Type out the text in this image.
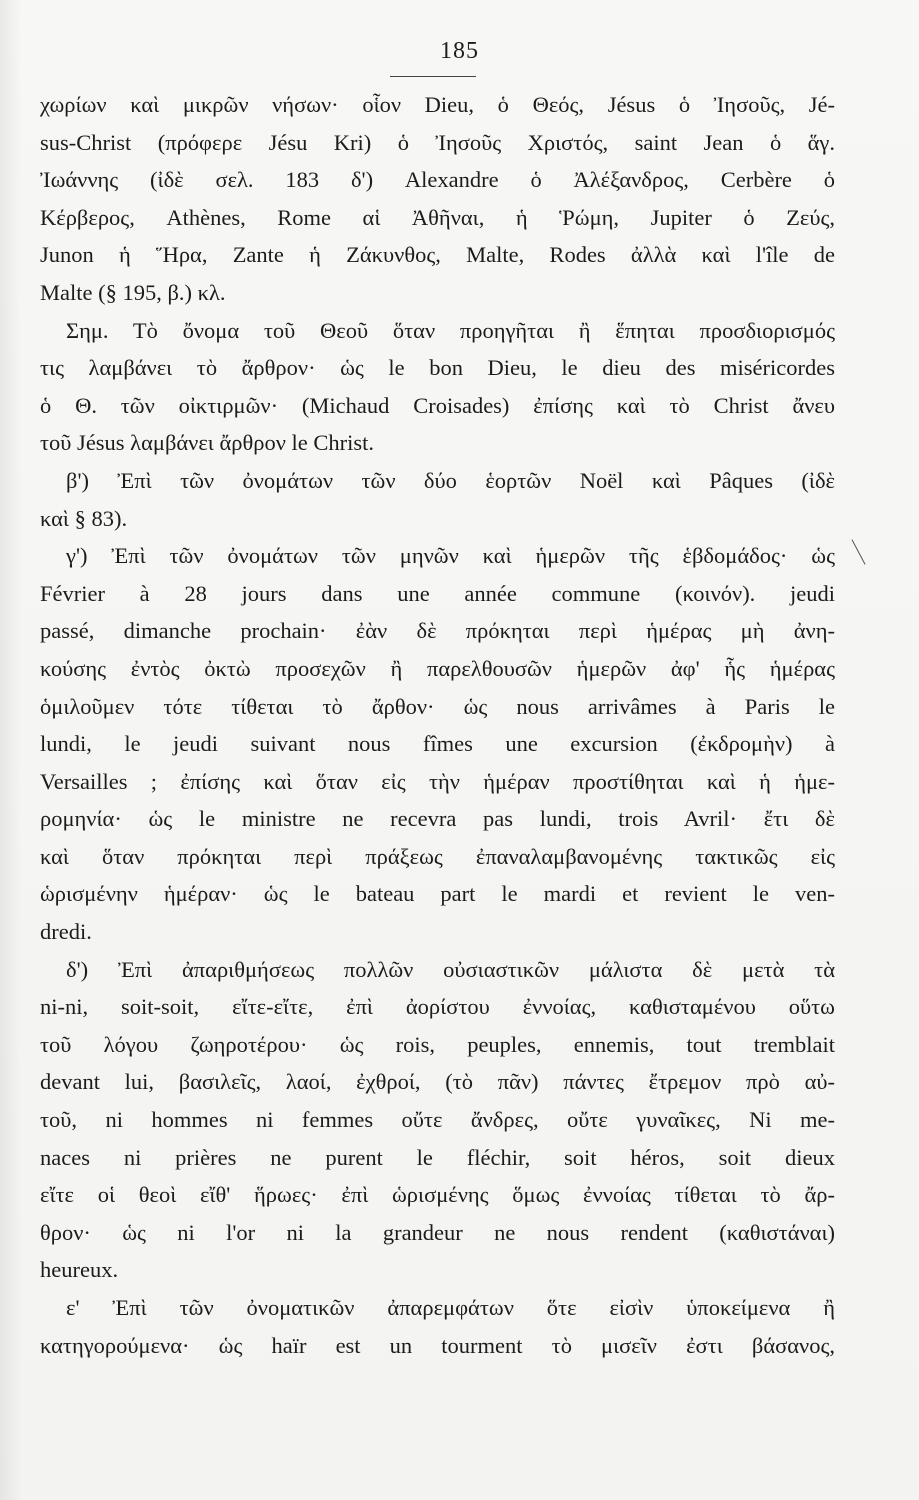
185
χωρίων καὶ μικρῶν νήσων· οἷον Dieu, ὁ Θεός, Jésus ὁ Ἰησοῦς, Jé-
sus-Christ (πρόφερε Jésu Kri) ὁ Ἰησοῦς Χριστός, saint Jean ὁ ἅγ.
Ἰωάννης (ἰδὲ σελ. 183 δ') Alexandre ὁ Ἀλέξανδρος, Cerbère ὁ
Κέρβερος, Athènes, Rome αἱ Ἀθῆναι, ἡ Ῥώμη, Jupiter ὁ Ζεύς,
Junon ἡ Ἥρα, Zante ἡ Ζάκυνθος, Malte, Rodes ἀλλὰ καὶ l'île de
Malte (§ 195, β.) κλ.
Σημ. Τὸ ὄνομα τοῦ Θεοῦ ὅταν προηγῆται ἢ ἕπηται προσδιορισμός
τις λαμβάνει τὸ ἄρθρον· ὡς le bon Dieu, le dieu des miséricordes
ὁ Θ. τῶν οἰκτιρμῶν· (Michaud Croisades) ἐπίσης καὶ τὸ Christ ἄνευ
τοῦ Jésus λαμβάνει ἄρθρον le Christ.
β') Ἐπὶ τῶν ὀνομάτων τῶν δύο ἑορτῶν Noël καὶ Pâques (ἰδὲ
καὶ § 83).
γ') Ἐπὶ τῶν ὀνομάτων τῶν μηνῶν καὶ ἡμερῶν τῆς ἑβδομάδος· ὡς
Février à 28 jours dans une année commune (κοινόν). jeudi
passé, dimanche prochain· ἐὰν δὲ πρόκηται περὶ ἡμέρας μὴ ἀνη-
κούσης ἐντὸς ὀκτὼ προσεχῶν ἢ παρελθουσῶν ἡμερῶν ἀφ' ἧς ἡμέρας
ὁμιλοῦμεν τότε τίθεται τὸ ἄρθον· ὡς nous arrivâmes à Paris le
lundi, le jeudi suivant nous fîmes une excursion (ἐκδρομὴν) à
Versailles ; ἐπίσης καὶ ὅταν εἰς τὴν ἡμέραν προστίθηται καὶ ἡ ἡμε-
ρομηνία· ὡς le ministre ne recevra pas lundi, trois Avril· ἔτι δὲ
καὶ ὅταν πρόκηται περὶ πράξεως ἐπαναλαμβανομένης τακτικῶς εἰς
ὡρισμένην ἡμέραν· ὡς le bateau part le mardi et revient le ven-
dredi.
δ') Ἐπὶ ἀπαριθμήσεως πολλῶν οὐσιαστικῶν μάλιστα δὲ μετὰ τὰ
ni-ni, soit-soit, εἴτε-εἴτε, ἐπὶ ἀορίστου ἐννοίας, καθισταμένου οὕτω
τοῦ λόγου ζωηροτέρου· ὡς rois, peuples, ennemis, tout tremblait
devant lui, βασιλεῖς, λαοί, ἐχθροί, (τὸ πᾶν) πάντες ἔτρεμον πρὸ αὐ-
τοῦ, ni hommes ni femmes οὔτε ἄνδρες, οὔτε γυναῖκες, Ni me-
naces ni prières ne purent le fléchir, soit héros, soit dieux
εἴτε οἱ θεοὶ εἴθ' ἥρωες· ἐπὶ ὡρισμένης ὅμως ἐννοίας τίθεται τὸ ἄρ-
θρον· ὡς ni l'or ni la grandeur ne nous rendent (καθιστάναι)
heureux.
ε' Ἐπὶ τῶν ὀνοματικῶν ἀπαρεμφάτων ὅτε εἰσὶν ὑποκείμενα ἢ
κατηγορούμενα· ὡς haïr est un tourment τὸ μισεῖν ἐστι βάσανος,
